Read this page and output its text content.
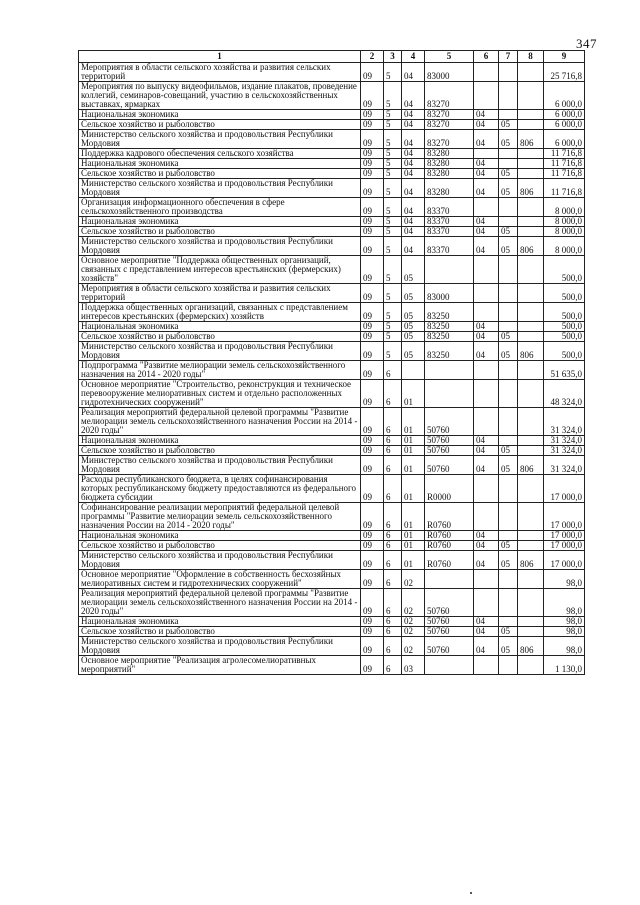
347
1	2	3	4	5	6	7	8	9
Мероприятия в области сельского хозяйства и развития сельских территорий	09	5	04	83000				25 716,8
Мероприятия по выпуску видеофильмов, издание плакатов, проведение коллегий, семинаров-совещаний, участию в сельскохозяйственных выставках, ярмарках	09	5	04	83270				6 000,0
Национальная экономика	09	5	04	83270	04			6 000,0
Сельское хозяйство и рыболовство	09	5	04	83270	04	05		6 000,0
Министерство сельского хозяйства и продовольствия Республики Мордовия	09	5	04	83270	04	05	806	6 000,0
Поддержка кадрового обеспечения сельского хозяйства	09	5	04	83280				11 716,8
Национальная экономика	09	5	04	83280	04			11 716,8
Сельское хозяйство и рыболовство	09	5	04	83280	04	05		11 716,8
Министерство сельского хозяйства и продовольствия Республики Мордовия	09	5	04	83280	04	05	806	11 716,8
Организация информационного обеспечения в сфере сельскохозяйственного производства	09	5	04	83370				8 000,0
Национальная экономика	09	5	04	83370	04			8 000,0
Сельское хозяйство и рыболовство	09	5	04	83370	04	05		8 000,0
Министерство сельского хозяйства и продовольствия Республики Мордовия	09	5	04	83370	04	05	806	8 000,0
Основное мероприятие "Поддержка общественных организаций, связанных с представлением интересов крестьянских (фермерских) хозяйств"	09	5	05					500,0
Мероприятия в области сельского хозяйства и развития сельских территорий	09	5	05	83000				500,0
Поддержка общественных организаций, связанных с представлением интересов крестьянских (фермерских) хозяйств	09	5	05	83250				500,0
Национальная экономика	09	5	05	83250	04			500,0
Сельское хозяйство и рыболовство	09	5	05	83250	04	05		500,0
Министерство сельского хозяйства и продовольствия Республики Мордовия	09	5	05	83250	04	05	806	500,0
Подпрограмма "Развитие мелиорации земель сельскохозяйственного назначения на 2014 - 2020 годы"	09	6						51 635,0
Основное мероприятие "Строительство, реконструкция и техническое перевооружение мелиоративных систем и отдельно расположенных гидротехнических сооружений"	09	6	01					48 324,0
Реализация мероприятий федеральной целевой программы "Развитие мелиорации земель сельскохозяйственного назначения России на 2014 - 2020 годы"	09	6	01	50760				31 324,0
Национальная экономика	09	6	01	50760	04			31 324,0
Сельское хозяйство и рыболовство	09	6	01	50760	04	05		31 324,0
Министерство сельского хозяйства и продовольствия Республики Мордовия	09	6	01	50760	04	05	806	31 324,0
Расходы республиканского бюджета, в целях софинансирования которых республиканскому бюджету предоставляются из федерального бюджета субсидии	09	6	01	R0000				17 000,0
Софинансирование реализации мероприятий федеральной целевой программы "Развитие мелиорации земель сельскохозяйственного назначения России на 2014 - 2020 годы"	09	6	01	R0760				17 000,0
Национальная экономика	09	6	01	R0760	04			17 000,0
Сельское хозяйство и рыболовство	09	6	01	R0760	04	05		17 000,0
Министерство сельского хозяйства и продовольствия Республики Мордовия	09	6	01	R0760	04	05	806	17 000,0
Основное мероприятие "Оформление в собственность бесхозяйных мелиоративных систем и гидротехнических сооружений"	09	6	02					98,0
Реализация мероприятий федеральной целевой программы "Развитие мелиорации земель сельскохозяйственного назначения России на 2014 - 2020 годы"	09	6	02	50760				98,0
Национальная экономика	09	6	02	50760	04			98,0
Сельское хозяйство и рыболовство	09	6	02	50760	04	05		98,0
Министерство сельского хозяйства и продовольствия Республики Мордовия	09	6	02	50760	04	05	806	98,0
Основное мероприятие "Реализация агролесомелиоративных мероприятий"	09	6	03					1 130,0
